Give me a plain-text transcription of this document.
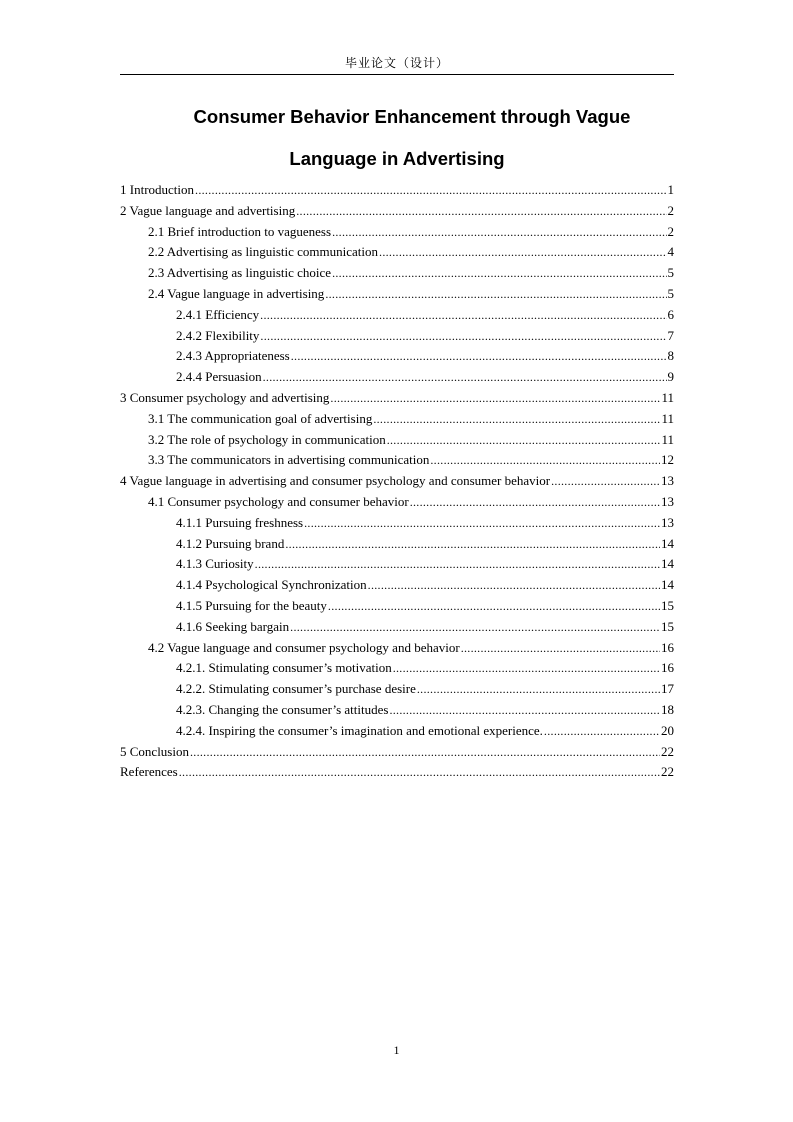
毕业论文（设计）
Consumer Behavior Enhancement through Vague
Language in Advertising
1 Introduction .....	1
2 Vague language and advertising .....	2
2.1 Brief introduction to vagueness .....	2
2.2 Advertising as linguistic communication .....	4
2.3 Advertising as linguistic choice .....	5
2.4 Vague language in advertising .....	5
2.4.1 Efficiency .....	6
2.4.2 Flexibility .....	7
2.4.3 Appropriateness .....	8
2.4.4 Persuasion .....	9
3 Consumer psychology and advertising .....	11
3.1 The communication goal of advertising .....	11
3.2 The role of psychology in communication .....	11
3.3 The communicators in advertising communication .....	12
4 Vague language in advertising and consumer psychology and consumer behavior .....	13
4.1 Consumer psychology and consumer behavior .....	13
4.1.1 Pursuing freshness .....	13
4.1.2 Pursuing brand .....	14
4.1.3 Curiosity .....	14
4.1.4 Psychological Synchronization .....	14
4.1.5 Pursuing for the beauty .....	15
4.1.6 Seeking bargain .....	15
4.2 Vague language and consumer psychology and behavior .....	16
4.2.1. Stimulating consumer’s motivation .....	16
4.2.2. Stimulating consumer’s purchase desire .....	17
4.2.3. Changing the consumer’s attitudes .....	18
4.2.4. Inspiring the consumer’s imagination and emotional experience. .....	20
5 Conclusion .....	22
References .....	22
1
